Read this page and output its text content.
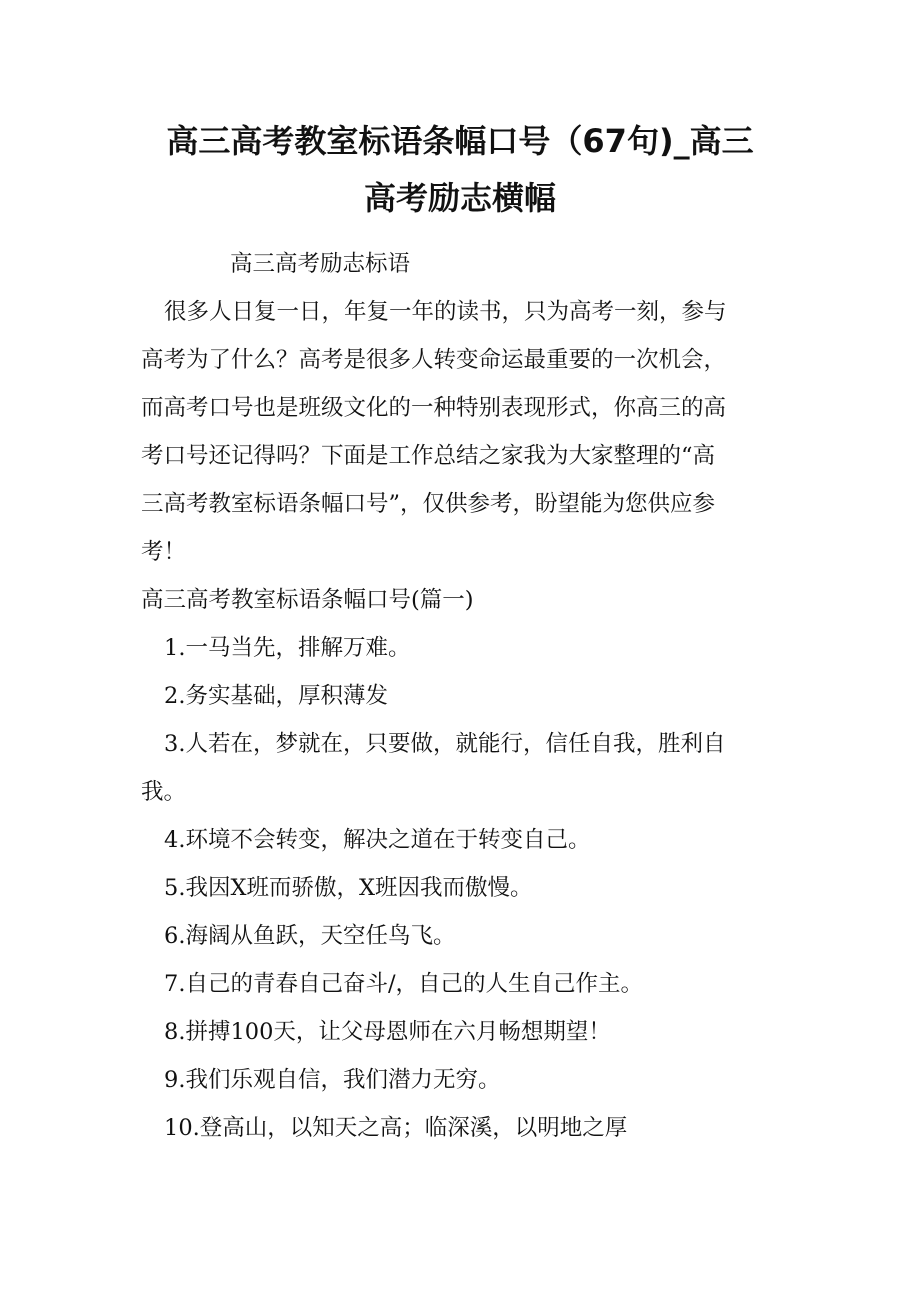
高三高考教室标语条幅口号（67句)_高三
高考励志横幅

高三高考励志标语

很多人日复一日，年复一年的读书，只为高考一刻，参与

高考为了什么？高考是很多人转变命运最重要的一次机会，

而高考口号也是班级文化的一种特别表现形式，你高三的高

考口号还记得吗？下面是工作总结之家我为大家整理的“高

三高考教室标语条幅口号”，仅供参考，盼望能为您供应参

考！

高三高考教室标语条幅口号(篇一)

1.一马当先，排解万难。

2.务实基础，厚积薄发

3.人若在，梦就在，只要做，就能行，信任自我，胜利自

我。

4.环境不会转变，解决之道在于转变自己。

5.我因X班而骄傲，X班因我而傲慢。

6.海阔从鱼跃，天空任鸟飞。

7.自己的青春自己奋斗/，自己的人生自己作主。

8.拼搏100天，让父母恩师在六月畅想期望！

9.我们乐观自信，我们潜力无穷。

10.登高山，以知天之高；临深溪，以明地之厚
